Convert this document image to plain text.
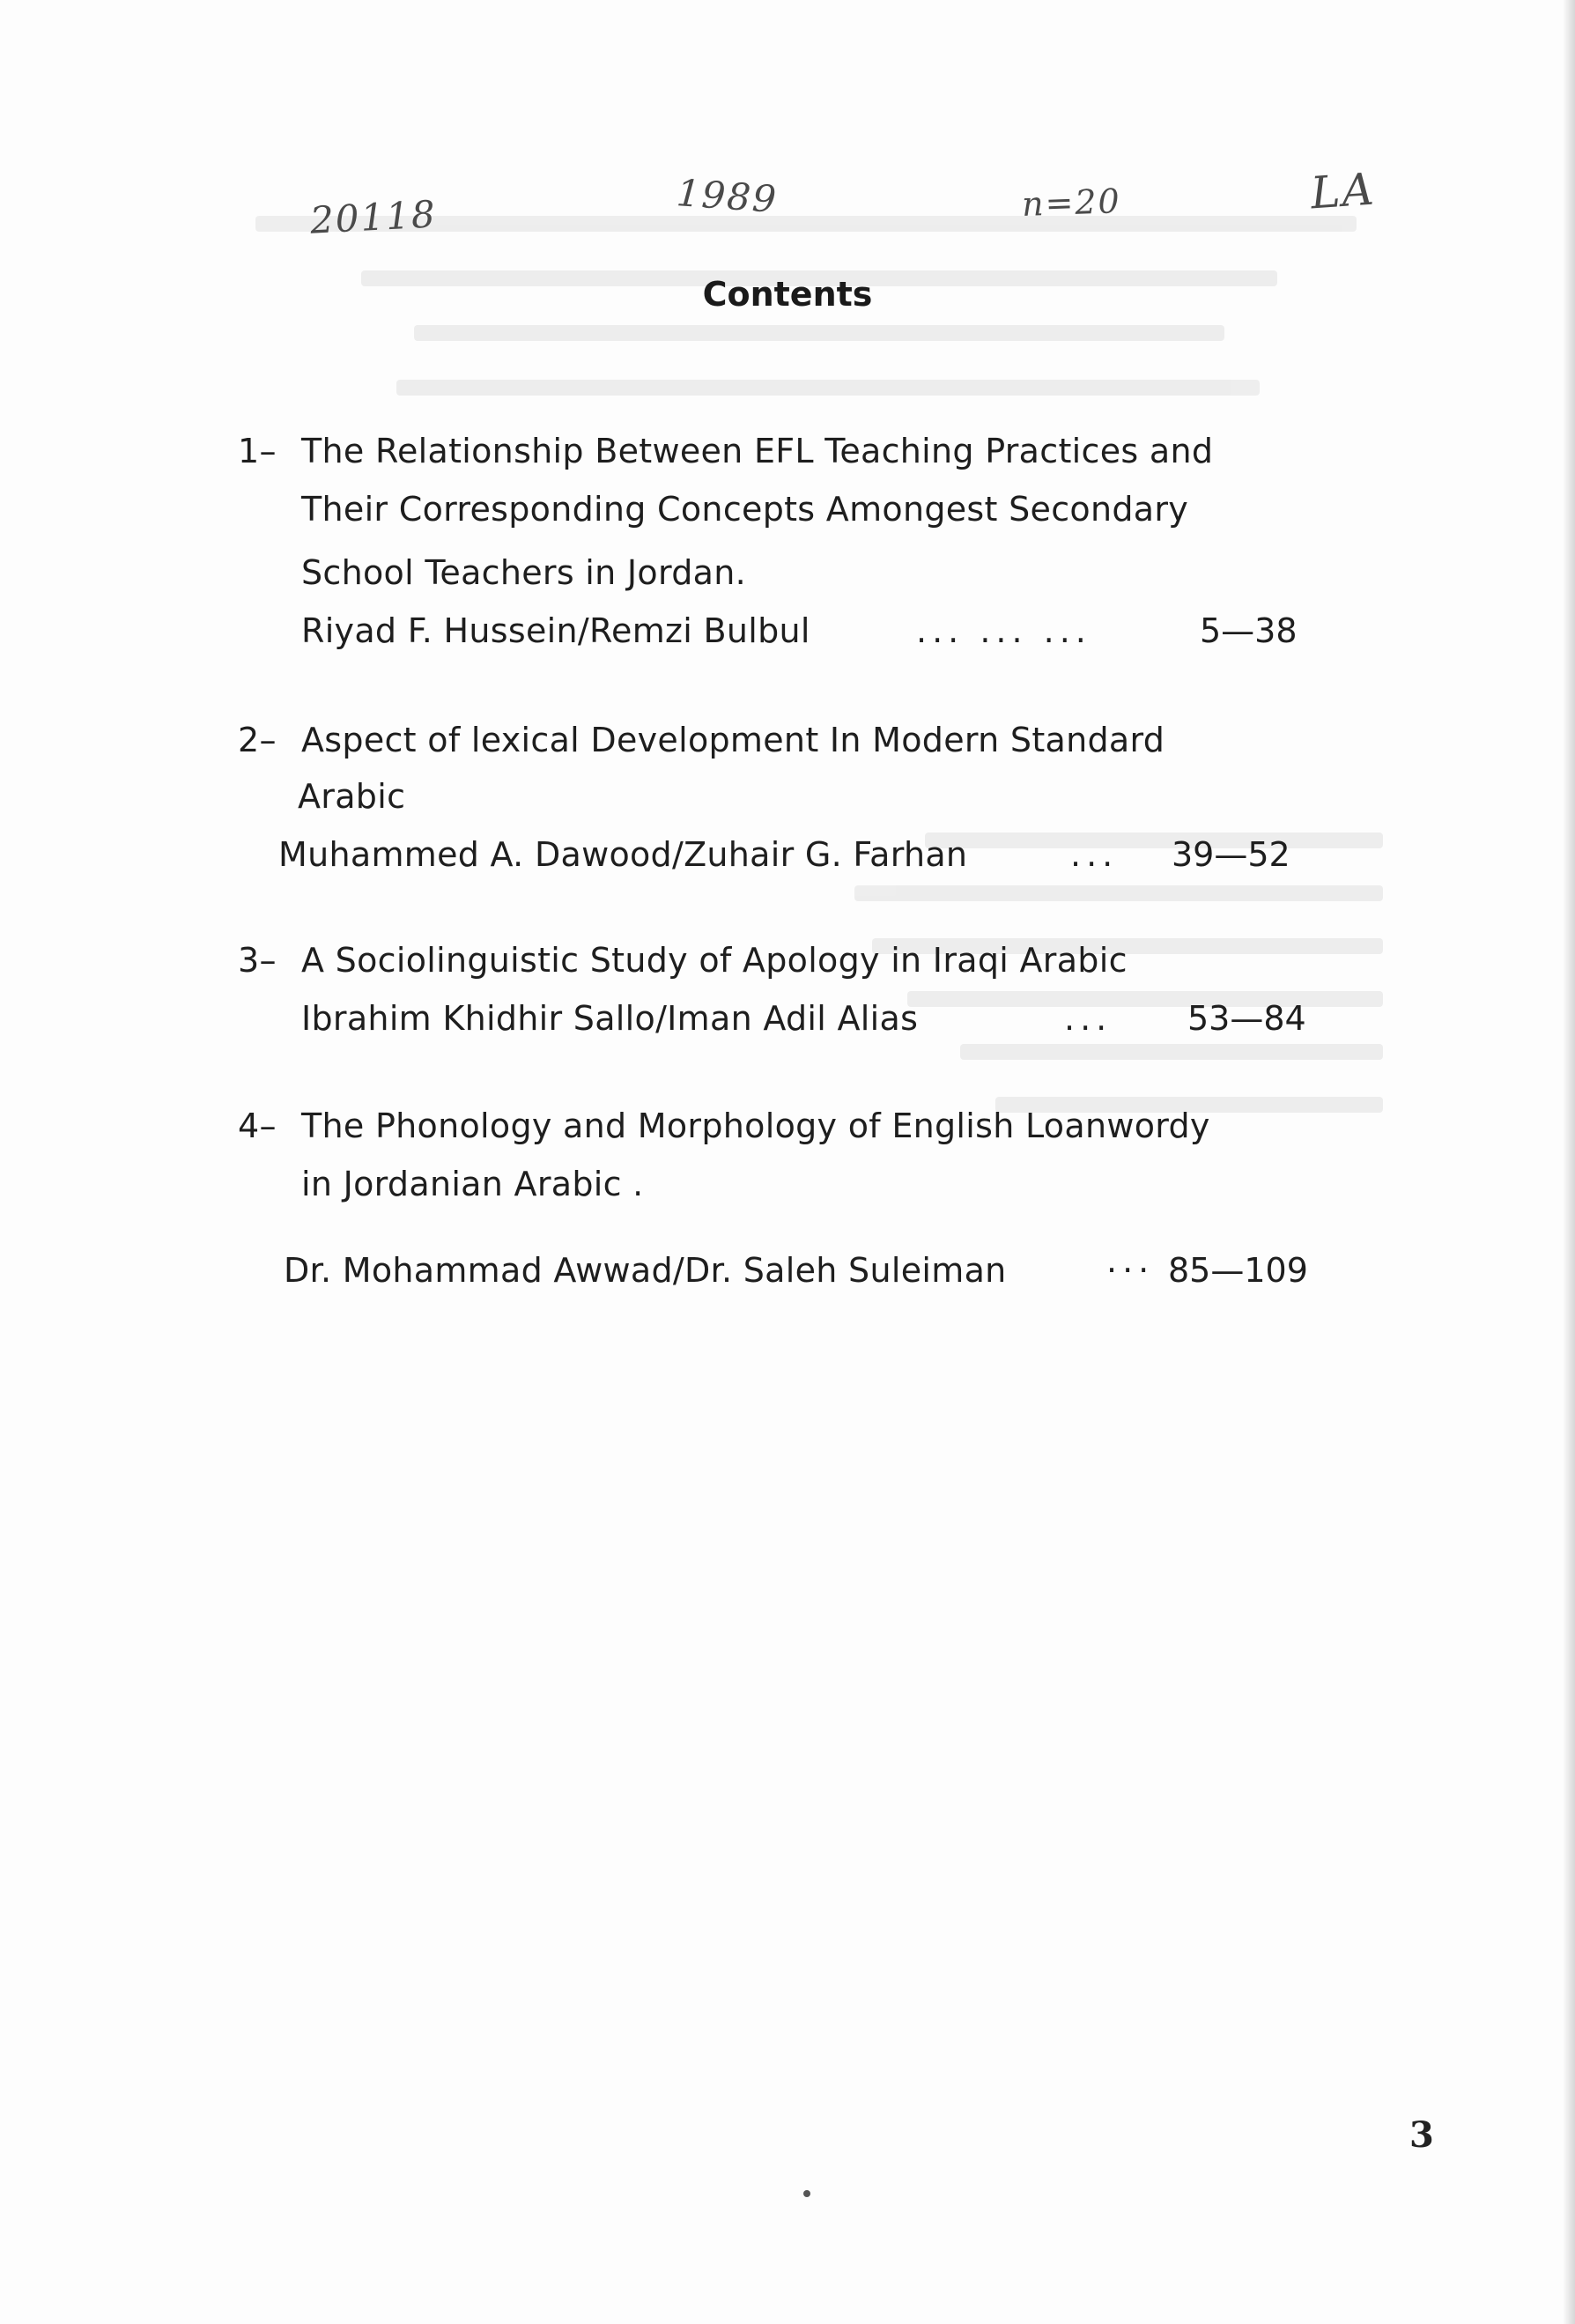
20118	1989	n=20	LA
Contents
1– The Relationship Between EFL Teaching Practices and
Their Corresponding Concepts Amongest Secondary
School Teachers in Jordan.
Riyad F. Hussein/Remzi Bulbul	... ... ...	5—38
2– Aspect of lexical Development In Modern Standard
Arabic
Muhammed A. Dawood/Zuhair G. Farhan	... 39—52
3– A Sociolinguistic Study of Apology in Iraqi Arabic
Ibrahim Khidhir Sallo/Iman Adil Alias	... 53—84
4– The Phonology and Morphology of English Loanwordy
in Jordanian Arabic .
Dr. Mohammad Awwad/Dr. Saleh Suleiman	··· 85—109
3
